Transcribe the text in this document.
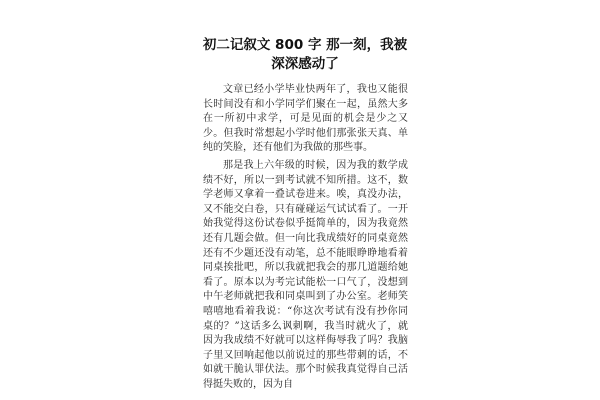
初二记叙文 800 字 那一刻，我被深深感动了

文章已经小学毕业快两年了，我也又能很长时间没有和小学同学们聚在一起，虽然大多在一所初中求学，可是见面的机会是少之又少。但我时常想起小学时他们那张张天真、单纯的笑脸，还有他们为我做的那些事。

那是我上六年级的时候，因为我的数学成绩不好，所以一到考试就不知所措。这不，数学老师又拿着一叠试卷进来。唉，真没办法，又不能交白卷，只有碰碰运气试试看了。一开始我觉得这份试卷似乎挺简单的，因为我竟然还有几题会做。但一向比我成绩好的同桌竟然还有不少题还没有动笔，总不能眼睁睁地看着同桌挨批吧，所以我就把我会的那几道题给她看了。原本以为考完试能松一口气了，没想到中午老师就把我和同桌叫到了办公室。老师笑嘻嘻地看着我说：“你这次考试有没有抄你同桌的？”这话多么讽刺啊，我当时就火了，就因为我成绩不好就可以这样侮辱我了吗？我脑子里又回响起他以前说过的那些带刺的话，不如就干脆认罪伏法。那个时候我真觉得自己活得挺失败的，因为自
